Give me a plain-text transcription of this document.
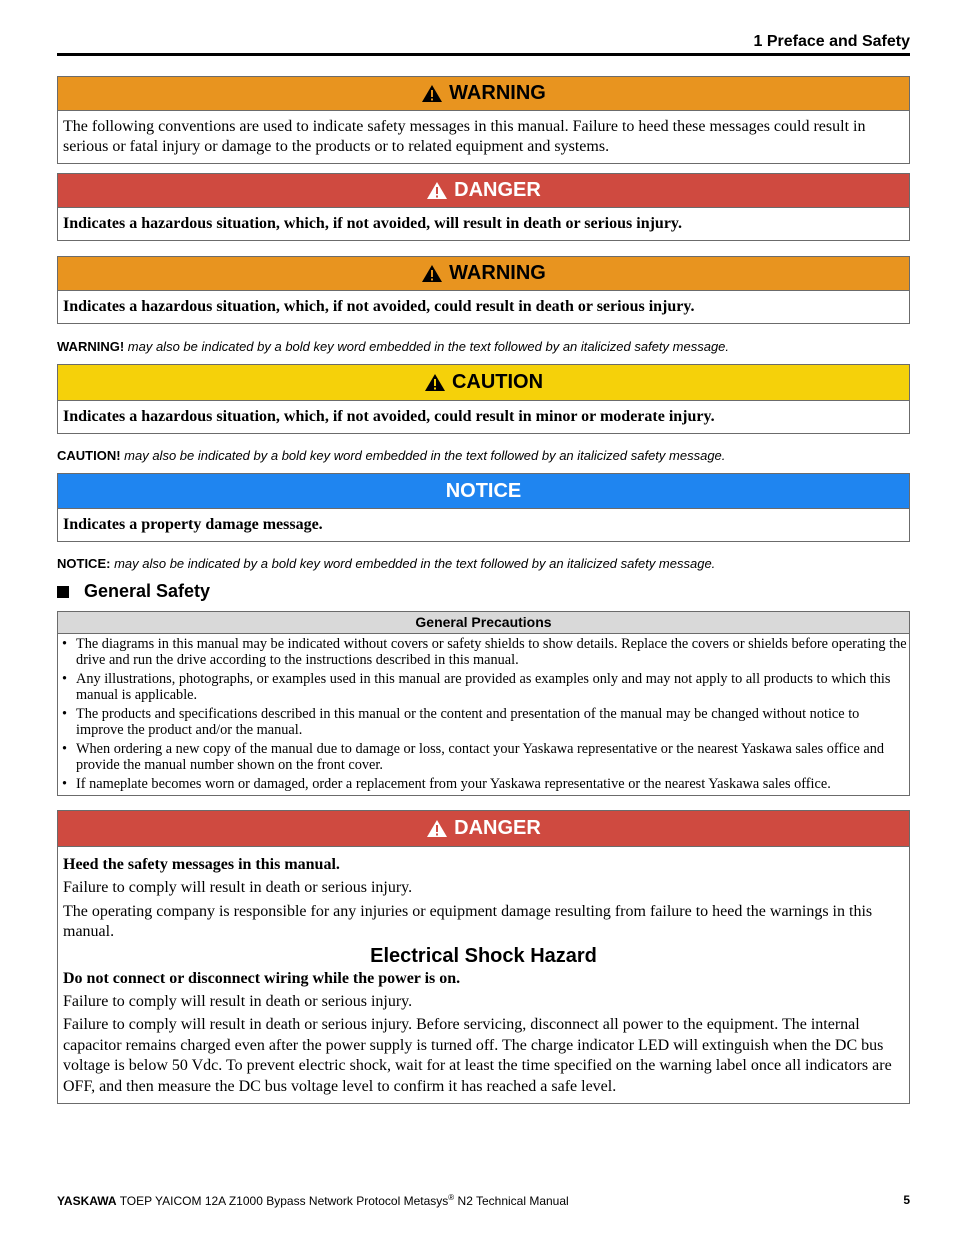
1 Preface and Safety
WARNING
The following conventions are used to indicate safety messages in this manual. Failure to heed these messages could result in serious or fatal injury or damage to the products or to related equipment and systems.
DANGER
Indicates a hazardous situation, which, if not avoided, will result in death or serious injury.
WARNING
Indicates a hazardous situation, which, if not avoided, could result in death or serious injury.
WARNING! may also be indicated by a bold key word embedded in the text followed by an italicized safety message.
CAUTION
Indicates a hazardous situation, which, if not avoided, could result in minor or moderate injury.
CAUTION! may also be indicated by a bold key word embedded in the text followed by an italicized safety message.
NOTICE
Indicates a property damage message.
NOTICE: may also be indicated by a bold key word embedded in the text followed by an italicized safety message.
General Safety
General Precautions
• The diagrams in this manual may be indicated without covers or safety shields to show details. Replace the covers or shields before operating the drive and run the drive according to the instructions described in this manual.
• Any illustrations, photographs, or examples used in this manual are provided as examples only and may not apply to all products to which this manual is applicable.
• The products and specifications described in this manual or the content and presentation of the manual may be changed without notice to improve the product and/or the manual.
• When ordering a new copy of the manual due to damage or loss, contact your Yaskawa representative or the nearest Yaskawa sales office and provide the manual number shown on the front cover.
• If nameplate becomes worn or damaged, order a replacement from your Yaskawa representative or the nearest Yaskawa sales office.
DANGER

Heed the safety messages in this manual.

Failure to comply will result in death or serious injury.

The operating company is responsible for any injuries or equipment damage resulting from failure to heed the warnings in this manual.

Electrical Shock Hazard

Do not connect or disconnect wiring while the power is on.

Failure to comply will result in death or serious injury.

Failure to comply will result in death or serious injury. Before servicing, disconnect all power to the equipment. The internal capacitor remains charged even after the power supply is turned off. The charge indicator LED will extinguish when the DC bus voltage is below 50 Vdc. To prevent electric shock, wait for at least the time specified on the warning label once all indicators are OFF, and then measure the DC bus voltage level to confirm it has reached a safe level.

YASKAWA TOEP YAICOM 12A Z1000 Bypass Network Protocol Metasys® N2 Technical Manual	5
